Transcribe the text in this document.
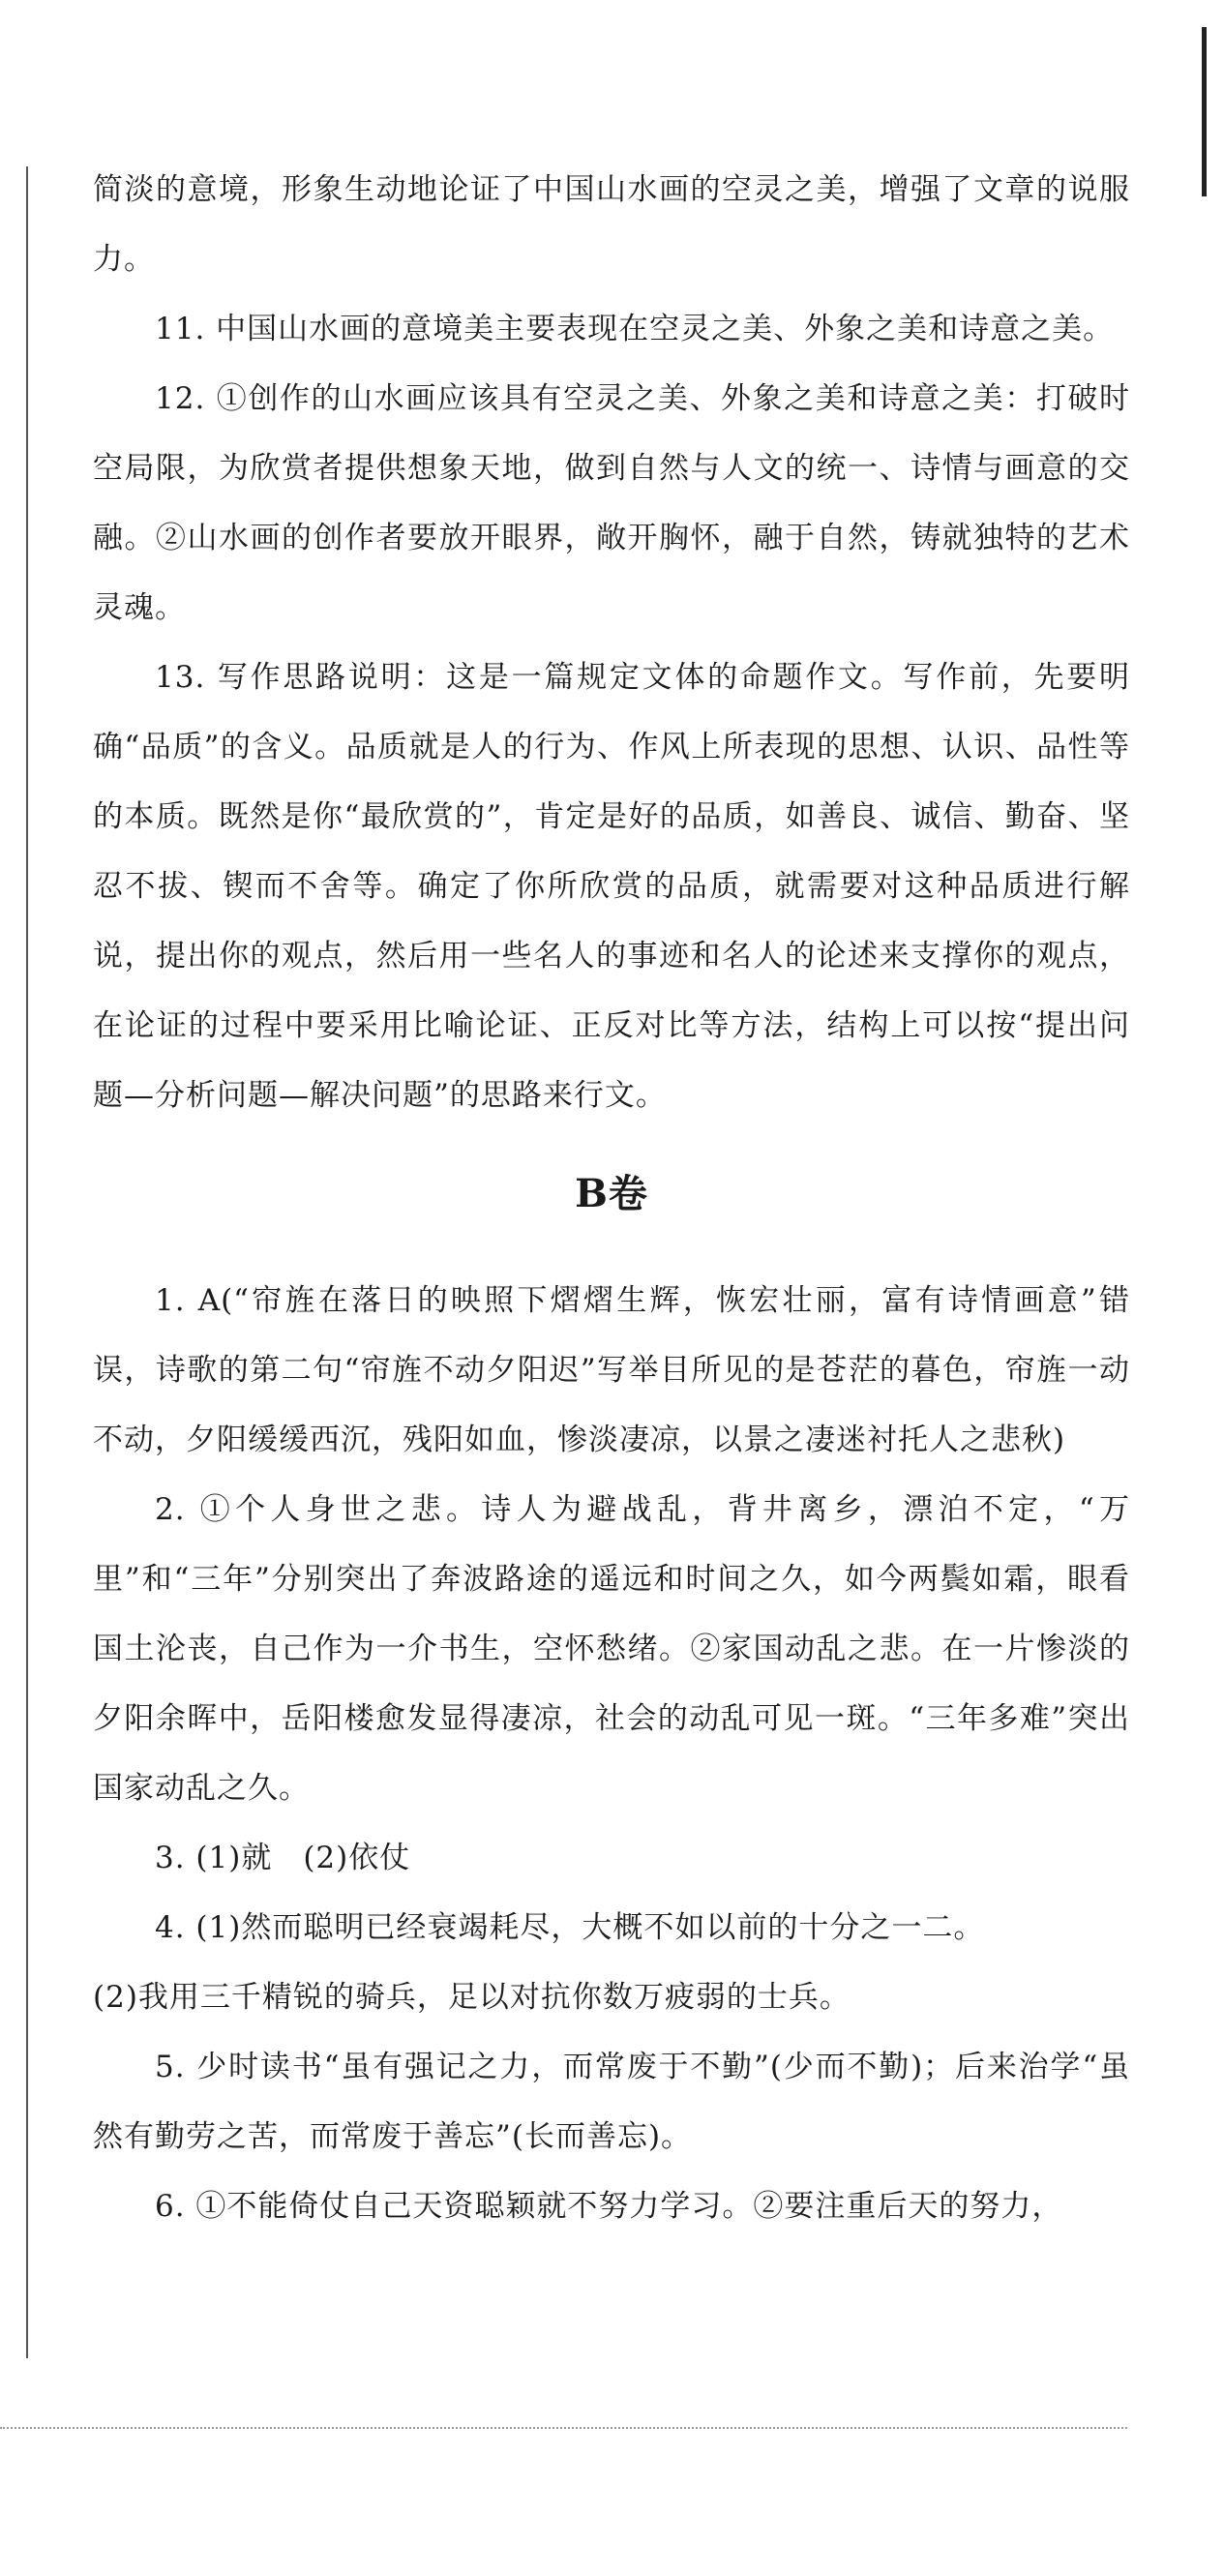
简淡的意境，形象生动地论证了中国山水画的空灵之美，增强了文章的说服力。

11. 中国山水画的意境美主要表现在空灵之美、外象之美和诗意之美。

12. ①创作的山水画应该具有空灵之美、外象之美和诗意之美：打破时空局限，为欣赏者提供想象天地，做到自然与人文的统一、诗情与画意的交融。②山水画的创作者要放开眼界，敞开胸怀，融于自然，铸就独特的艺术灵魂。

13. 写作思路说明：这是一篇规定文体的命题作文。写作前，先要明确“品质”的含义。品质就是人的行为、作风上所表现的思想、认识、品性等的本质。既然是你“最欣赏的”，肯定是好的品质，如善良、诚信、勤奋、坚忍不拔、锲而不舍等。确定了你所欣赏的品质，就需要对这种品质进行解说，提出你的观点，然后用一些名人的事迹和名人的论述来支撑你的观点，在论证的过程中要采用比喻论证、正反对比等方法，结构上可以按“提出问题—分析问题—解决问题”的思路来行文。

B卷

1. A(“帘旌在落日的映照下熠熠生辉，恢宏壮丽，富有诗情画意”错误，诗歌的第二句“帘旌不动夕阳迟”写举目所见的是苍茫的暮色，帘旌一动不动，夕阳缓缓西沉，残阳如血，惨淡凄凉，以景之凄迷衬托人之悲秋)

2. ①个人身世之悲。诗人为避战乱，背井离乡，漂泊不定，“万里”和“三年”分别突出了奔波路途的遥远和时间之久，如今两鬓如霜，眼看国土沦丧，自己作为一介书生，空怀愁绪。②家国动乱之悲。在一片惨淡的夕阳余晖中，岳阳楼愈发显得凄凉，社会的动乱可见一斑。“三年多难”突出国家动乱之久。

3. (1)就　(2)依仗

4. (1)然而聪明已经衰竭耗尽，大概不如以前的十分之一二。

(2)我用三千精锐的骑兵，足以对抗你数万疲弱的士兵。

5. 少时读书“虽有强记之力，而常废于不勤”(少而不勤)；后来治学“虽然有勤劳之苦，而常废于善忘”(长而善忘)。

6. ①不能倚仗自己天资聪颖就不努力学习。②要注重后天的努力，
